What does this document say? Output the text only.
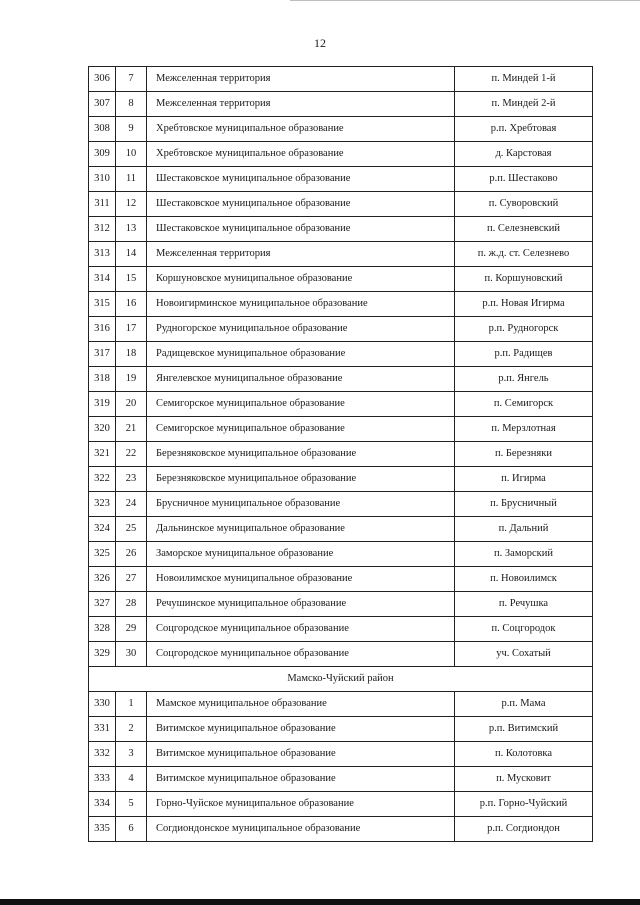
12
306	7	Межселенная территория	п. Миндей 1-й
307	8	Межселенная территория	п. Миндей 2-й
308	9	Хребтовское муниципальное образование	р.п. Хребтовая
309	10	Хребтовское муниципальное образование	д. Карстовая
310	11	Шестаковское муниципальное образование	р.п. Шестаково
311	12	Шестаковское муниципальное образование	п. Суворовский
312	13	Шестаковское муниципальное образование	п. Селезневский
313	14	Межселенная территория	п. ж.д. ст. Селезнево
314	15	Коршуновское муниципальное образование	п. Коршуновский
315	16	Новоигирминское муниципальное образование	р.п. Новая Игирма
316	17	Рудногорское муниципальное образование	р.п. Рудногорск
317	18	Радищевское муниципальное образование	р.п. Радищев
318	19	Янгелевское муниципальное образование	р.п. Янгель
319	20	Семигорское муниципальное образование	п. Семигорск
320	21	Семигорское муниципальное образование	п. Мерзлотная
321	22	Березняковское муниципальное образование	п. Березняки
322	23	Березняковское муниципальное образование	п. Игирма
323	24	Брусничное муниципальное образование	п. Брусничный
324	25	Дальнинское муниципальное образование	п. Дальний
325	26	Заморское муниципальное образование	п. Заморский
326	27	Новоилимское муниципальное образование	п. Новоилимск
327	28	Речушинское муниципальное образование	п. Речушка
328	29	Соцгородское муниципальное образование	п. Соцгородок
329	30	Соцгородское муниципальное образование	уч. Сохатый
Мамско-Чуйский район			
330	1	Мамское муниципальное образование	р.п. Мама
331	2	Витимское муниципальное образование	р.п. Витимский
332	3	Витимское муниципальное образование	п. Колотовка
333	4	Витимское муниципальное образование	п. Мусковит
334	5	Горно-Чуйское муниципальное образование	р.п. Горно-Чуйский
335	6	Согдиондонское муниципальное образование	р.п. Согдиондон
